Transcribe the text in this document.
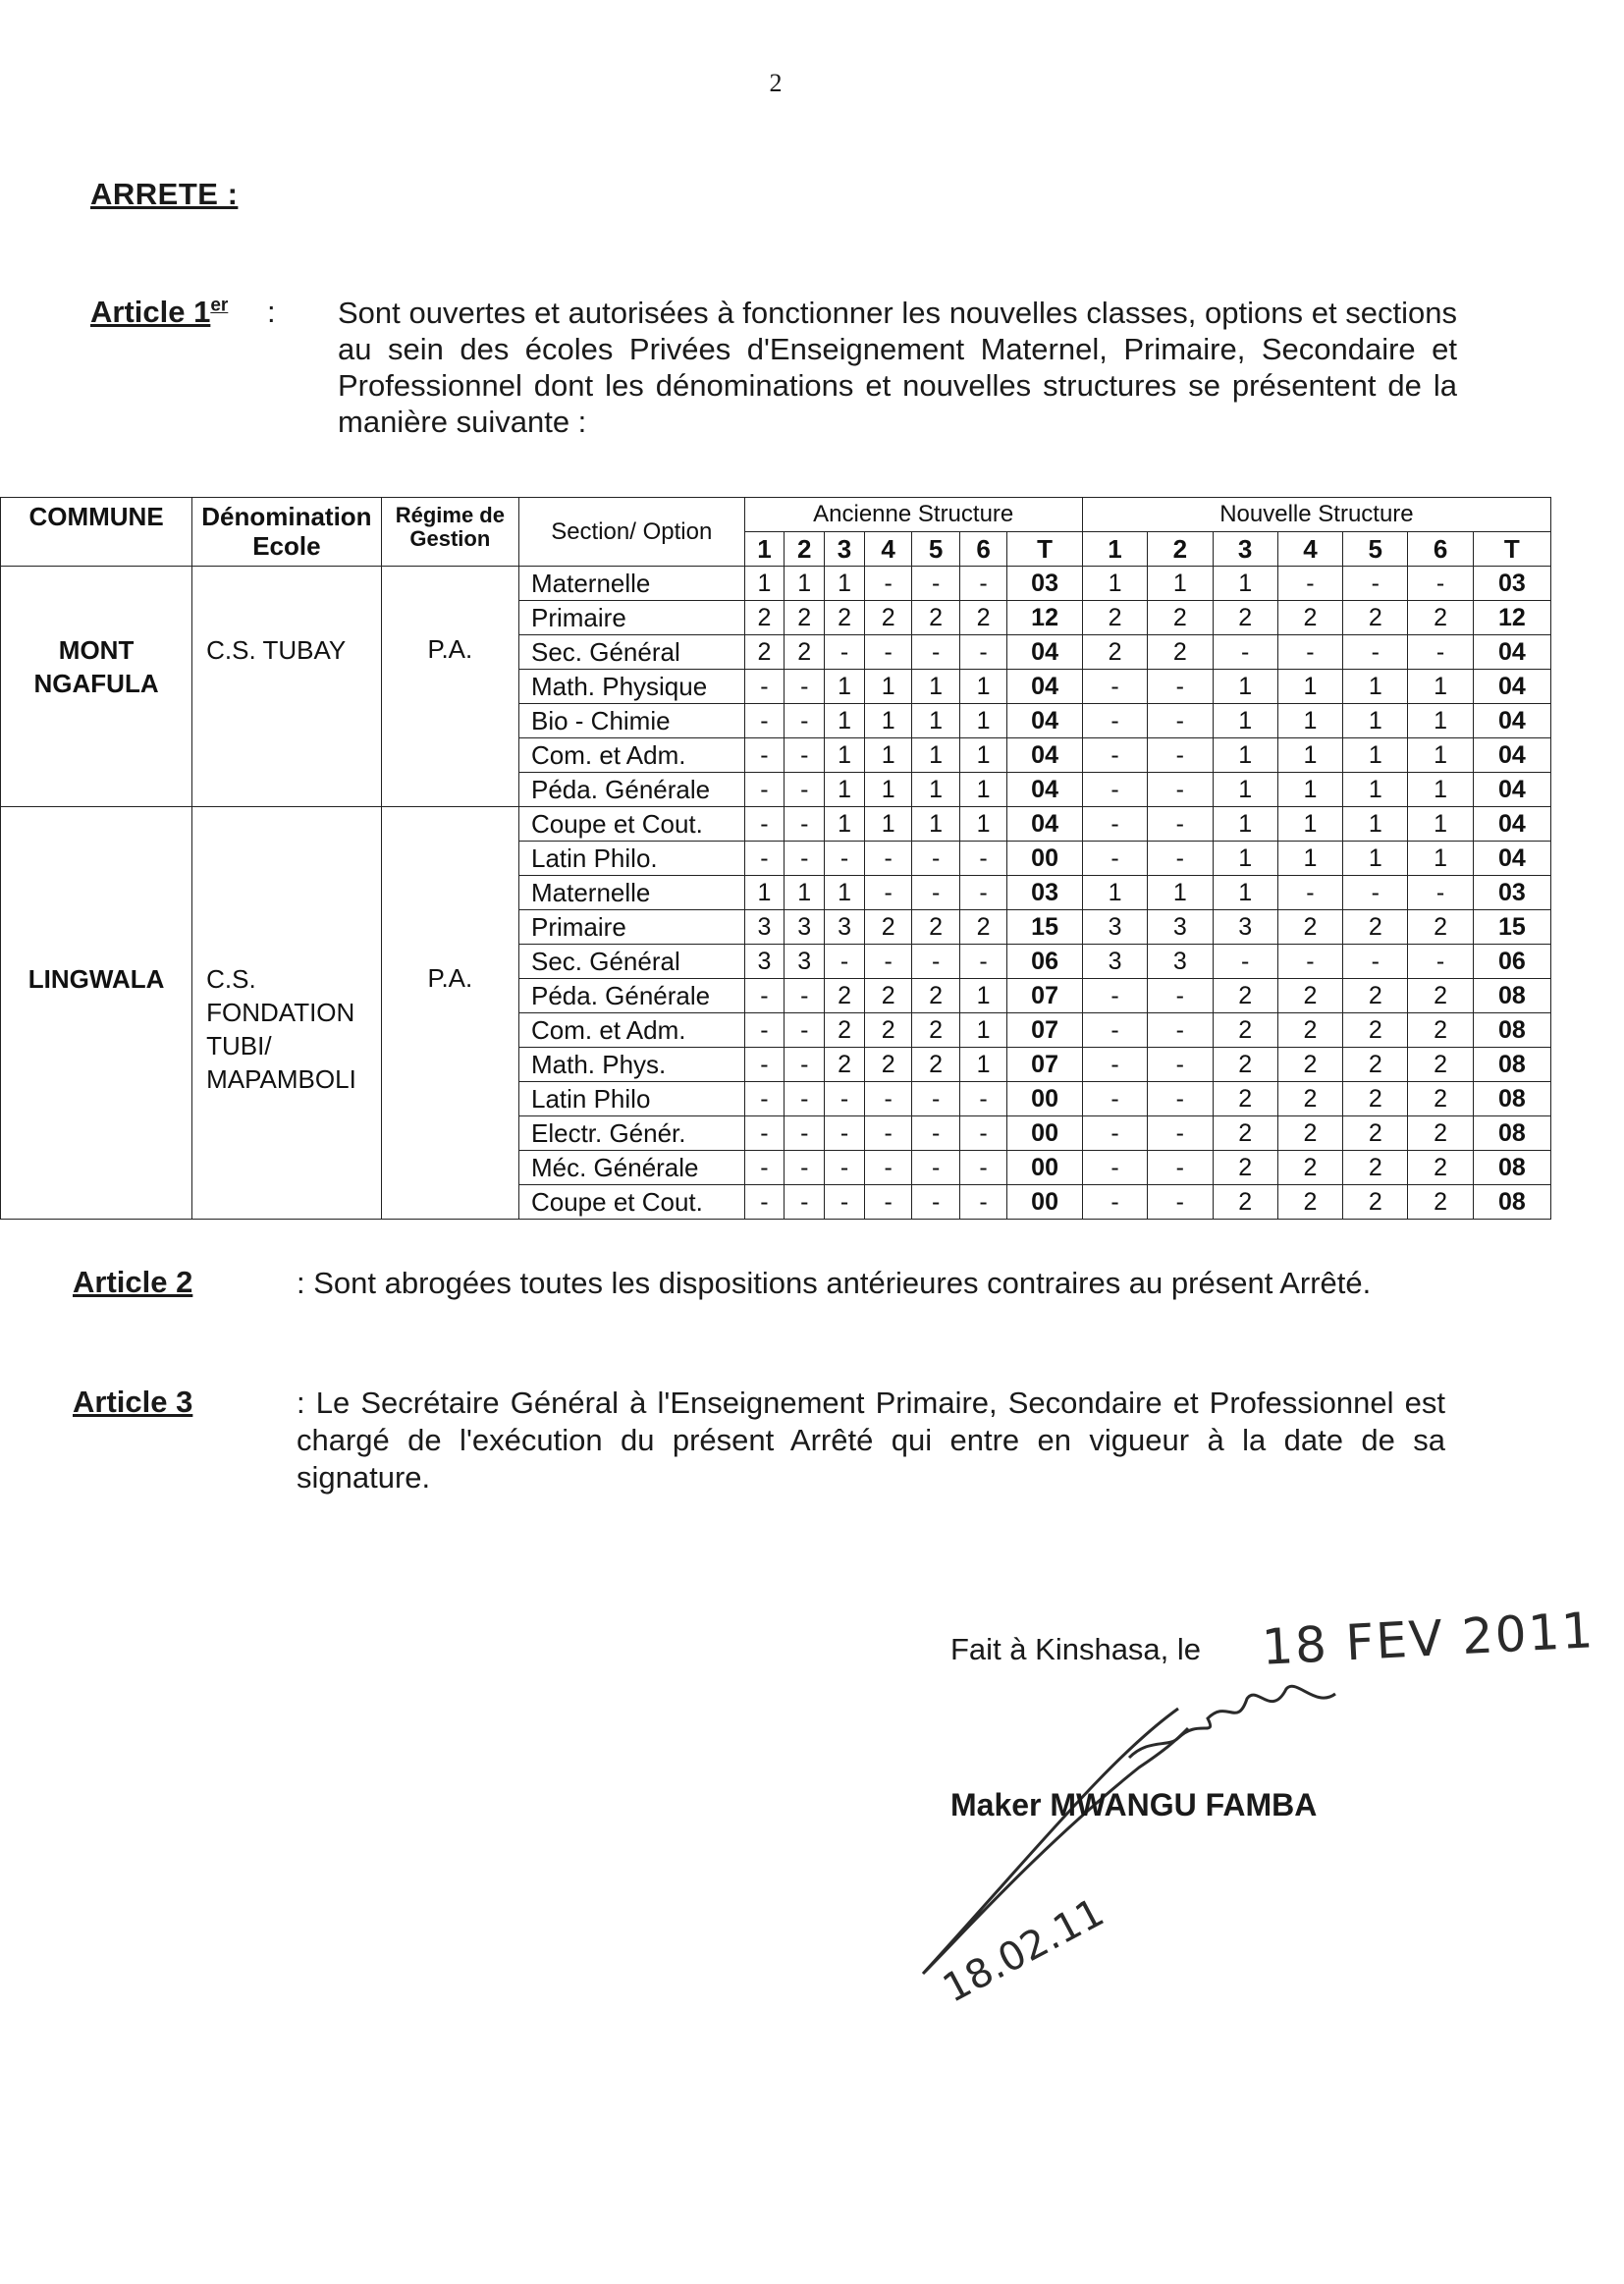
2
ARRETE :
Article 1er : Sont ouvertes et autorisées à fonctionner les nouvelles classes, options et sections au sein des écoles Privées d'Enseignement Maternel, Primaire, Secondaire et Professionnel dont les dénominations et nouvelles structures se présentent de la manière suivante :
COMMUNE	Dénomination Ecole	Régime de Gestion	Section/ Option	Ancienne Structure							Nouvelle Structure						
				1	2	3	4	5	6	T	1	2	3	4	5	6	T
MONT NGAFULA	C.S. TUBAY	P.A.	Maternelle	1	1	1	-	-	-	03	1	1	1	-	-	-	03
			Primaire	2	2	2	2	2	2	12	2	2	2	2	2	2	12
			Sec. Général	2	2	-	-	-	-	04	2	2	-	-	-	-	04
			Math. Physique	-	-	1	1	1	1	04	-	-	1	1	1	1	04
			Bio - Chimie	-	-	1	1	1	1	04	-	-	1	1	1	1	04
			Com. et Adm.	-	-	1	1	1	1	04	-	-	1	1	1	1	04
			Péda. Générale	-	-	1	1	1	1	04	-	-	1	1	1	1	04
LINGWALA	C.S. FONDATION TUBI/ MAPAMBOLI	P.A.	Coupe et Cout.	-	-	1	1	1	1	04	-	-	1	1	1	1	04
			Latin Philo.	-	-	-	-	-	-	00	-	-	1	1	1	1	04
			Maternelle	1	1	1	-	-	-	03	1	1	1	-	-	-	03
			Primaire	3	3	3	2	2	2	15	3	3	3	2	2	2	15
			Sec. Général	3	3	-	-	-	-	06	3	3	-	-	-	-	06
			Péda. Générale	-	-	2	2	2	1	07	-	-	2	2	2	2	08
			Com. et Adm.	-	-	2	2	2	1	07	-	-	2	2	2	2	08
			Math. Phys.	-	-	2	2	2	1	07	-	-	2	2	2	2	08
			Latin Philo	-	-	-	-	-	-	00	-	-	2	2	2	2	08
			Electr. Génér.	-	-	-	-	-	-	00	-	-	2	2	2	2	08
			Méc. Générale	-	-	-	-	-	-	00	-	-	2	2	2	2	08
			Coupe et Cout.	-	-	-	-	-	-	00	-	-	2	2	2	2	08
Article 2	: Sont abrogées toutes les dispositions antérieures contraires au présent Arrêté.
Article 3	: Le Secrétaire Général à l'Enseignement Primaire, Secondaire et Professionnel est chargé de l'exécution du présent Arrêté qui entre en vigueur à la date de sa signature.
Fait à Kinshasa, le 18 FEV 2011
18.02.11
Maker MWANGU FAMBA
